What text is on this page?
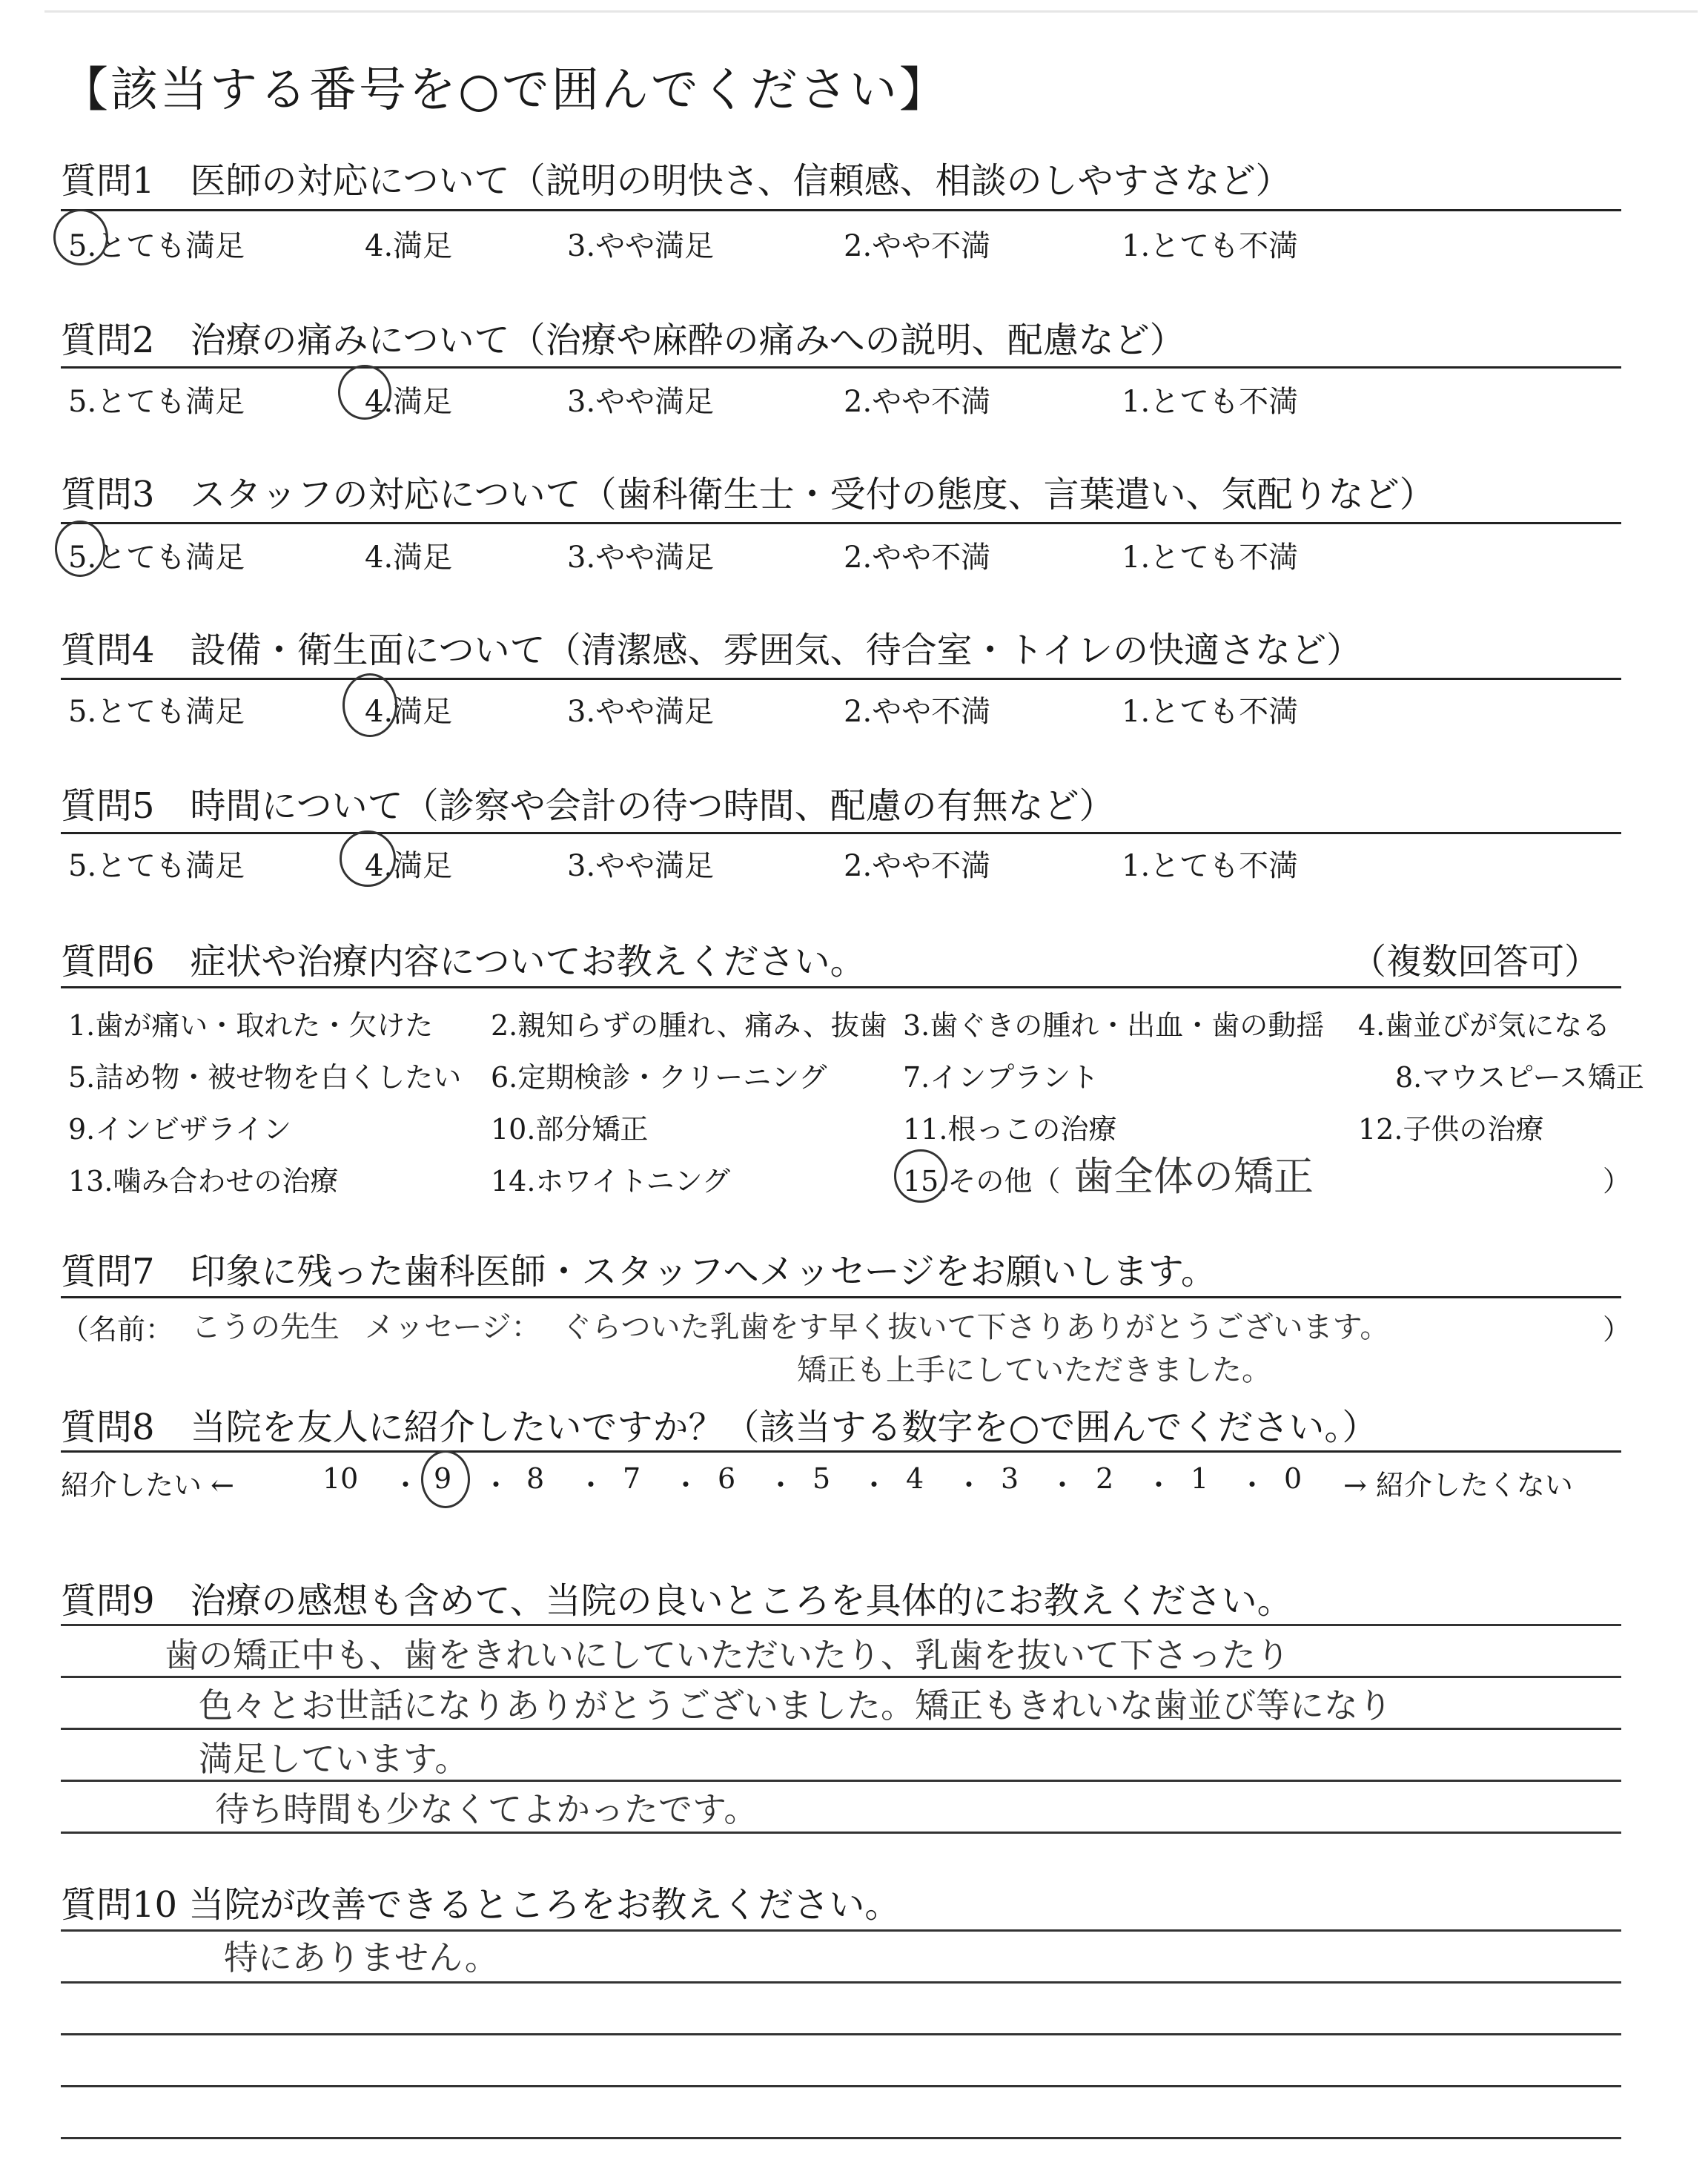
【該当する番号を○で囲んでください】
質問1　医師の対応について（説明の明快さ、信頼感、相談のしやすさなど）
5.とても満足	4.満足	3.やや満足	2.やや不満	1.とても不満
質問2　治療の痛みについて（治療や麻酔の痛みへの説明、配慮など）
5.とても満足	4.満足	3.やや満足	2.やや不満	1.とても不満
質問3　スタッフの対応について（歯科衛生士・受付の態度、言葉遣い、気配りなど）
5.とても満足	4.満足	3.やや満足	2.やや不満	1.とても不満
質問4　設備・衛生面について（清潔感、雰囲気、待合室・トイレの快適さなど）
5.とても満足	4.満足	3.やや満足	2.やや不満	1.とても不満
質問5　時間について（診察や会計の待つ時間、配慮の有無など）
5.とても満足	4.満足	3.やや満足	2.やや不満	1.とても不満
質問6　症状や治療内容についてお教えください。	（複数回答可）
1.歯が痛い・取れた・欠けた 2.親知らずの腫れ、痛み、抜歯 3.歯ぐきの腫れ・出血・歯の動揺 4.歯並びが気になる
5.詰め物・被せ物を白くしたい 6.定期検診・クリーニング	7.インプラント	8.マウスピース矯正
9.インビザライン	10.部分矯正	11.根っこの治療	12.子供の治療
13.噛み合わせの治療	14.ホワイトニング	15.その他（	）
歯全体の矯正
質問7　印象に残った歯科医師・スタッフへメッセージをお願いします。
（名前： こうの先生 メッセージ： ぐらついた乳歯をす早く抜いて下さりありがとうございます。
矯正も上手にしていただきました。
）
質問8　当院を友人に紹介したいですか？（該当する数字を○で囲んでください。）
紹介したい ←	10 ・ 9 ・ 8 ・ 7 ・ 6 ・ 5 ・ 4 ・ 3 ・ 2 ・ 1 ・ 0 → 紹介したくない
質問9　治療の感想も含めて、当院の良いところを具体的にお教えください。
歯の矯正中も、歯をきれいにしていただいたり、乳歯を抜いて下さったり
色々とお世話になりありがとうございました。矯正もきれいな歯並び等になり
満足しています。
待ち時間も少なくてよかったです。
質問10 当院が改善できるところをお教えください。
特にありません。
